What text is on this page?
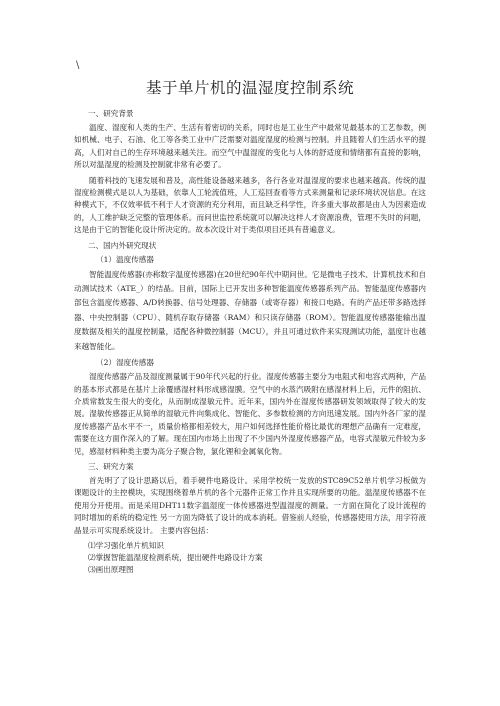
\
基于单片机的温湿度控制系统
一、研究背景

温度、湿度和人类的生产、生活有着密切的关系，同时也是工业生产中最常见最基本的工艺参数，例如机械、电子、石油、化工等各类工业中广泛需要对温度湿度的检测与控制。并且随着人们生活水平的提高，人们对自己的生存环境越来越关注。而空气中温湿度的变化与人体的舒适度和情绪都有直接的影响，所以对温湿度的检测及控制就非常有必要了。

随着科技的飞速发展和普及，高性能设备越来越多，各行各业对温湿度的要求也越来越高。传统的温湿度检测模式是以人为基础，依靠人工轮流值班，人工巡回查看等方式来测量和记录环境状况信息。在这种模式下，不仅效率低不利于人才资源的充分利用，而且缺乏科学性，许多重大事故都是由人为因素造成的，人工维护缺乏完整的管理体系。而问世监控系统就可以解决这样人才资源浪费，管理不失时的问题，这是由于它的智能化设计所决定的。故本次设计对于类似项目还具有普遍意义。

二、国内外研究现状
（1）温度传感器

智能温度传感器(亦称数字温度传感器)在20世纪90年代中期问世。它是微电子技术、计算机技术和自动测试技术（ATE_）的结晶。目前，国际上已开发出多种智能温度传感器系列产品。智能温度传感器内部包含温度传感器、A/D转换器、信号处理器、存储器（或寄存器）和接口电路。有的产品还带多路选择器、中央控制器（CPU）、随机存取存储器（RAM）和只读存储器（ROM）。智能温度传感器能输出温度数据及相关的温度控制量，适配各种微控制器（MCU），并且可通过软件来实现测试功能，温度计也越来越智能化。

（2）湿度传感器

湿度传感器产品及湿度测量属于90年代兴起的行业。湿度传感器主要分为电阻式和电容式两种，产品的基本形式都是在基片上涂覆感湿材料形成感湿膜。空气中的水蒸汽吸附在感湿材料上后，元件的阻抗、介质常数发生很大的变化，从而制成湿敏元件。近年来，国内外在湿度传感器研发领域取得了较大的发展。湿敏传感器正从简单的湿敏元件向集成化、智能化、多参数检测的方向迅速发展。国内外各厂家的湿度传感器产品水平不一，质量价格都相差较大，用户如何选择性能价格比最优的理想产品确有一定难度，需要在这方面作深入的了解。现在国内市场上出现了不少国内外湿度传感器产品，电容式湿敏元件较为多见，感湿材料种类主要为高分子聚合物，氯化锂和金属氧化物。

三、研究方案

首先明了了设计思路以后，着手硬件电路设计。采用学校统一发放的STC89C52单片机学习板做为课题设计的主控模块，实现围绕着单片机的各个元器件正常工作并且实现所要的功能。温湿度传感器不在使用分开使用。而是采用DHT11数字温湿度一体传感器进型温湿度的测量。一方面在简化了设计流程的同时增加的系统的稳定性 另一方面为降低了设计的成本消耗。借鉴前人经验，传感器使用方法，用字符液晶显示可实现系统设计。 主要内容包括：

⑴学习强化单片机知识
⑵掌握智能温湿度检测系统，提出硬件电路设计方案
⑶画出原理图
